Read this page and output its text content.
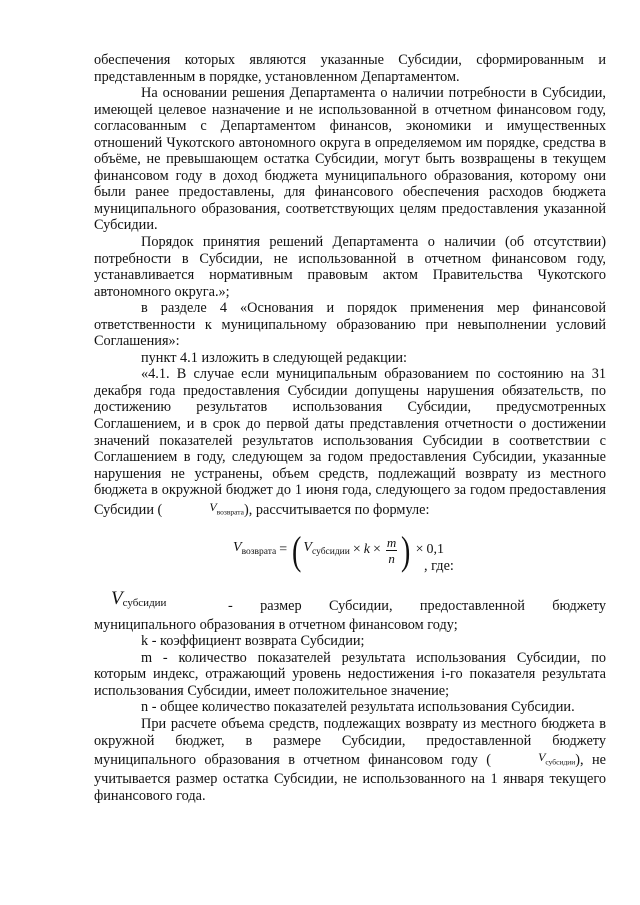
обеспечения которых являются указанные Субсидии, сформированным и представленным в порядке, установленном Департаментом.

На основании решения Департамента о наличии потребности в Субсидии, имеющей целевое назначение и не использованной в отчетном финансовом году, согласованным с Департаментом финансов, экономики и имущественных отношений Чукотского автономного округа в определяемом им порядке, средства в объёме, не превышающем остатка Субсидии, могут быть возвращены в текущем финансовом году в доход бюджета муниципального образования, которому они были ранее предоставлены, для финансового обеспечения расходов бюджета муниципального образования, соответствующих целям предоставления указанной Субсидии.

Порядок принятия решений Департамента о наличии (об отсутствии) потребности в Субсидии, не использованной в отчетном финансовом году, устанавливается нормативным правовым актом Правительства Чукотского автономного округа.»;

в разделе 4 «Основания и порядок применения мер финансовой ответственности к муниципальному образованию при невыполнении условий Соглашения»:

пункт 4.1 изложить в следующей редакции:

«4.1. В случае если муниципальным образованием по состоянию на 31 декабря года предоставления Субсидии допущены нарушения обязательств, по достижению результатов использования Субсидии, предусмотренных Соглашением, и в срок до первой даты представления отчетности о достижении значений показателей результатов использования Субсидии в соответствии с Соглашением в году, следующем за годом предоставления Субсидии, указанные нарушения не устранены, объем средств, подлежащий возврату из местного бюджета в окружной бюджет до 1 июня года, следующего за годом предоставления Субсидии (	$V_{возврата}$), рассчитывается по формуле:

$V_{возврата}$ = ( $V_{субсидии} \times k \times \frac{m}{n}$ ) × 0,1
, где:
$V_{субсидии}$	- размер Субсидии, предоставленной бюджету

муниципального образования в отчетном финансовом году;

k - коэффициент возврата Субсидии;

m - количество показателей результата использования Субсидии, по которым индекс, отражающий уровень недостижения i-го показателя результата использования Субсидии, имеет положительное значение;

n - общее количество показателей результата использования Субсидии.

При расчете объема средств, подлежащих возврату из местного бюджета в окружной бюджет, в размере Субсидии, предоставленной бюджету муниципального образования в отчетном финансовом году (	$V_{субсидии}$), не учитывается размер остатка Субсидии, не использованного на 1 января текущего финансового года.
